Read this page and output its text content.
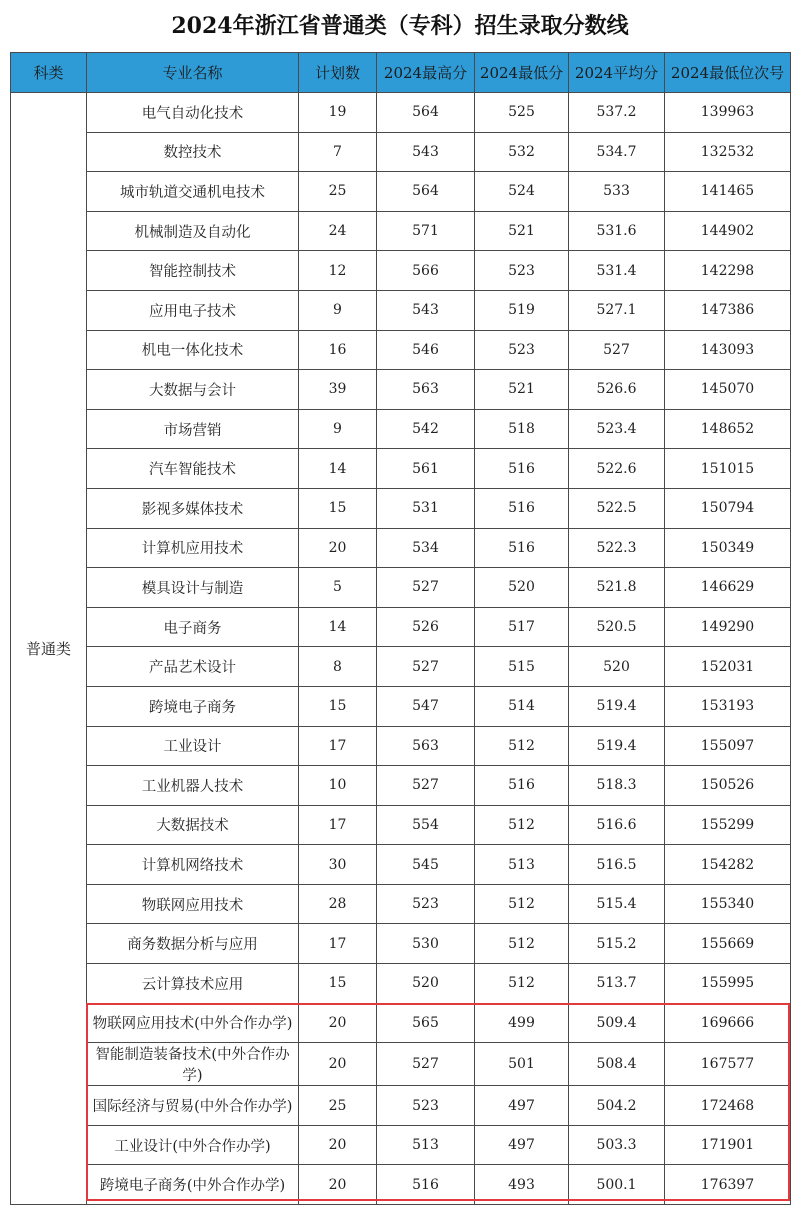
2024年浙江省普通类（专科）招生录取分数线
科类	专业名称	计划数	2024最高分	2024最低分	2024平均分	2024最低位次号
普通类	电气自动化技术	19	564	525	537.2	139963
	数控技术	7	543	532	534.7	132532
	城市轨道交通机电技术	25	564	524	533	141465
	机械制造及自动化	24	571	521	531.6	144902
	智能控制技术	12	566	523	531.4	142298
	应用电子技术	9	543	519	527.1	147386
	机电一体化技术	16	546	523	527	143093
	大数据与会计	39	563	521	526.6	145070
	市场营销	9	542	518	523.4	148652
	汽车智能技术	14	561	516	522.6	151015
	影视多媒体技术	15	531	516	522.5	150794
	计算机应用技术	20	534	516	522.3	150349
	模具设计与制造	5	527	520	521.8	146629
	电子商务	14	526	517	520.5	149290
	产品艺术设计	8	527	515	520	152031
	跨境电子商务	15	547	514	519.4	153193
	工业设计	17	563	512	519.4	155097
	工业机器人技术	10	527	516	518.3	150526
	大数据技术	17	554	512	516.6	155299
	计算机网络技术	30	545	513	516.5	154282
	物联网应用技术	28	523	512	515.4	155340
	商务数据分析与应用	17	530	512	515.2	155669
	云计算技术应用	15	520	512	513.7	155995
	物联网应用技术(中外合作办学)	20	565	499	509.4	169666
	智能制造装备技术(中外合作办学)	20	527	501	508.4	167577
	国际经济与贸易(中外合作办学)	25	523	497	504.2	172468
	工业设计(中外合作办学)	20	513	497	503.3	171901
	跨境电子商务(中外合作办学)	20	516	493	500.1	176397
